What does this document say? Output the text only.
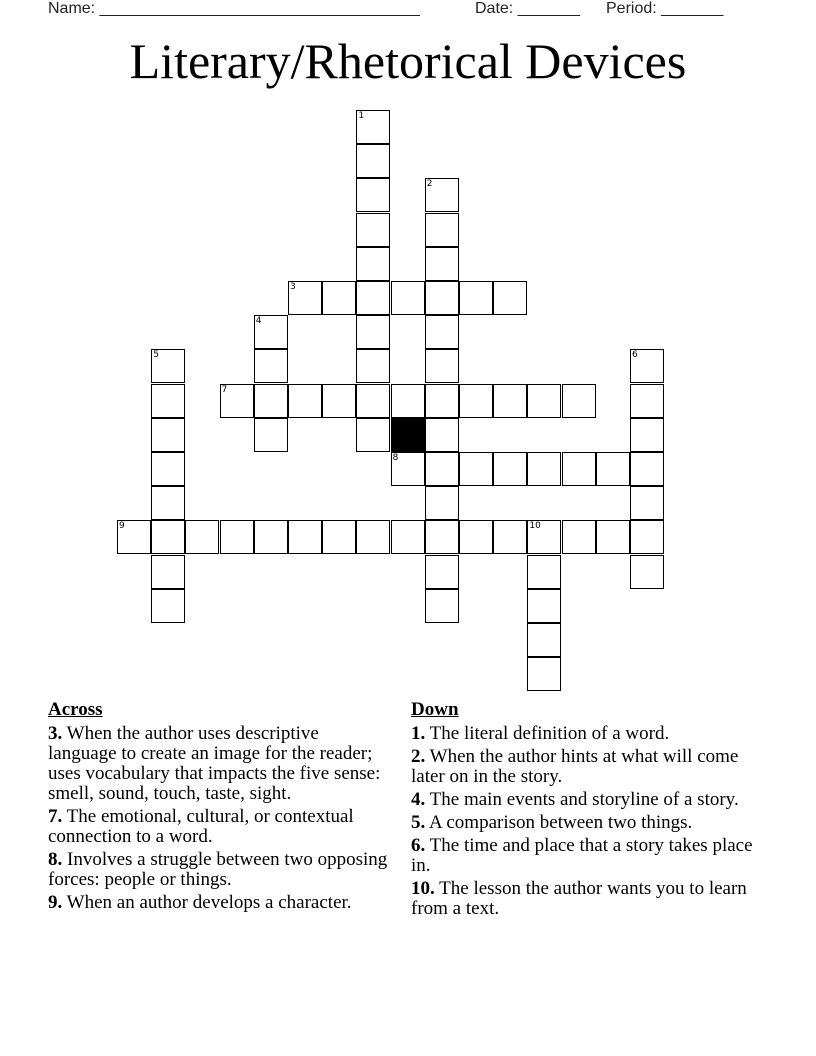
Name: ____________________________________	Date: _______ Period: _______
Literary/Rhetorical Devices
1
2
3
4
5	6
7
8
9	10
Across
3. When the author uses descriptive language to create an image for the reader; uses vocabulary that impacts the five sense: smell, sound, touch, taste, sight.
7. The emotional, cultural, or contextual connection to a word.
8. Involves a struggle between two opposing forces: people or things.
9. When an author develops a character.
Down
1. The literal definition of a word.
2. When the author hints at what will come later on in the story.
4. The main events and storyline of a story.
5. A comparison between two things.
6. The time and place that a story takes place in.
10. The lesson the author wants you to learn from a text.
